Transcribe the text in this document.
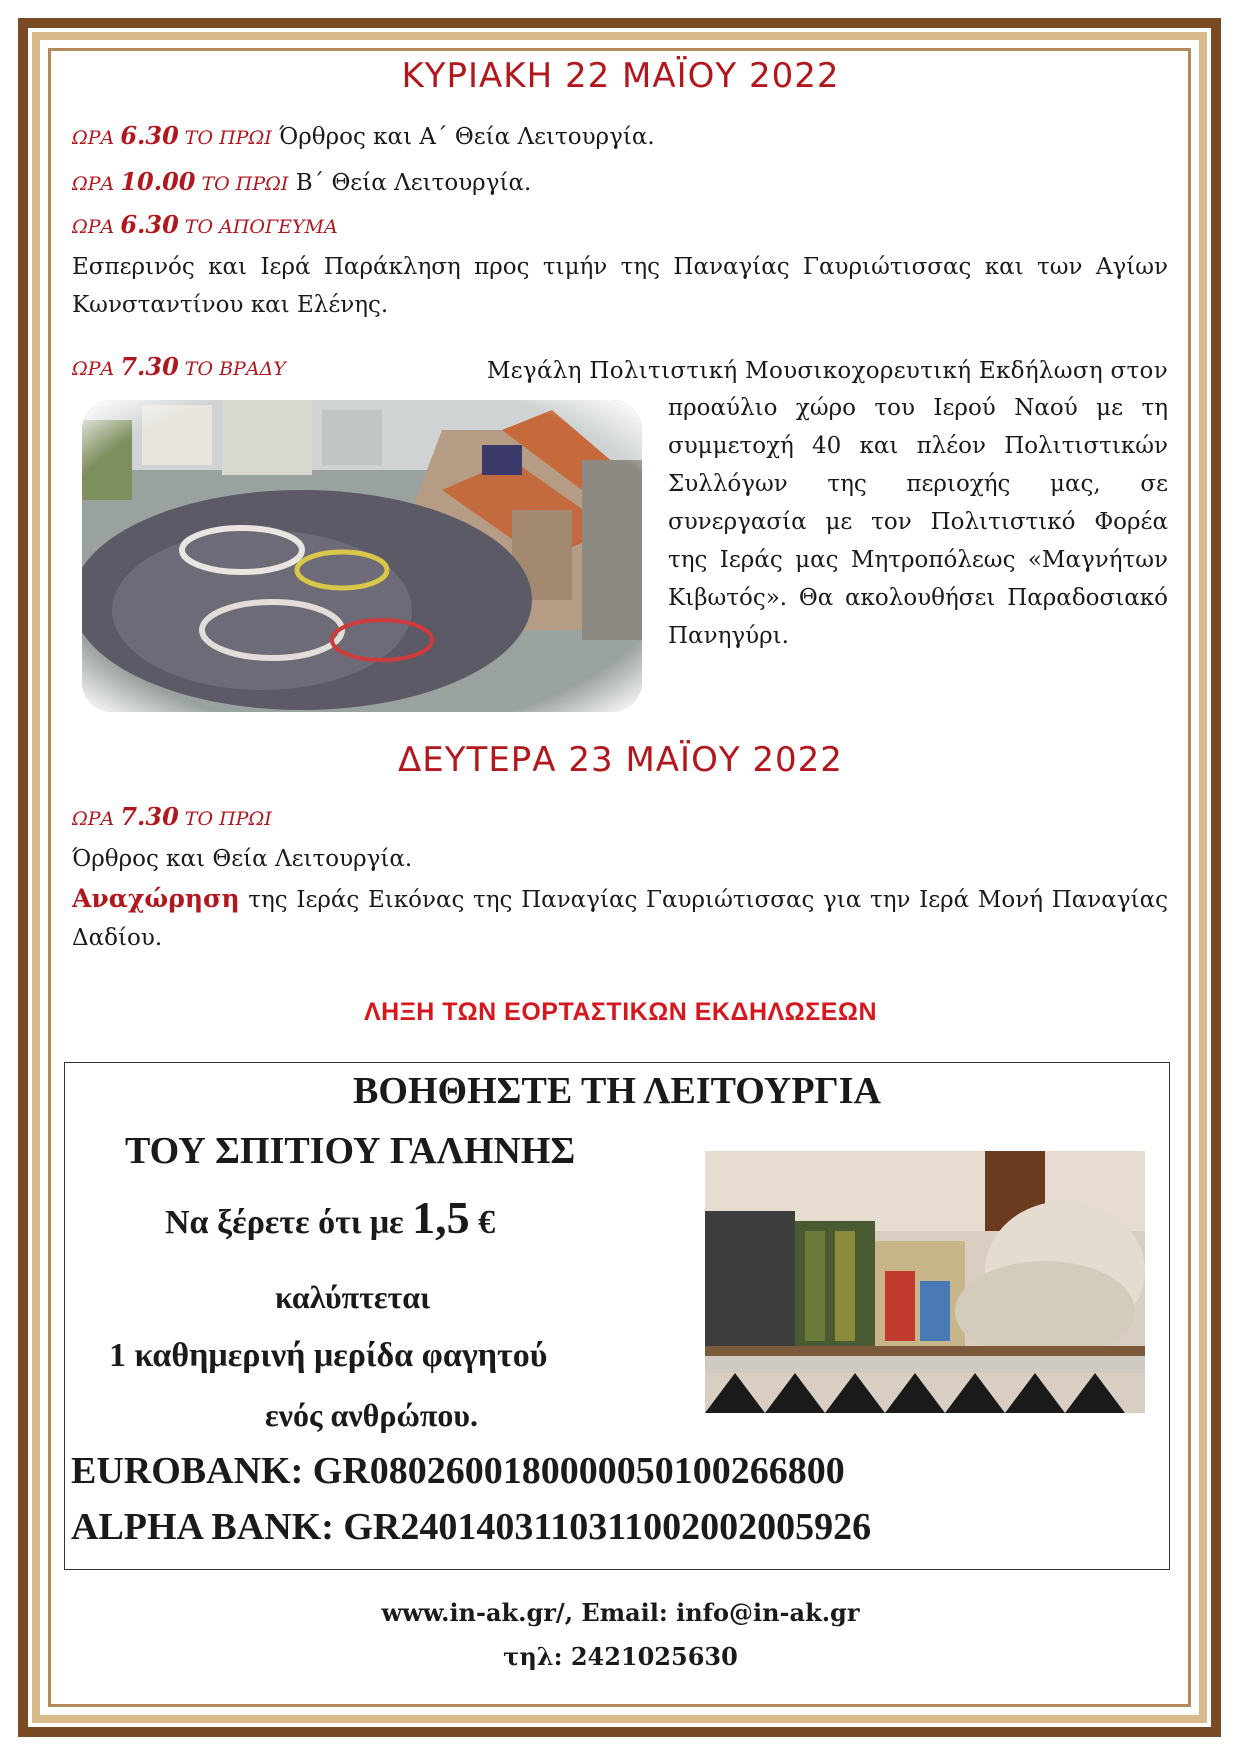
ΚΥΡΙΑΚΗ 22 ΜΑΪΟΥ 2022
ΩΡΑ 6.30 ΤΟ ΠΡΩΙ Όρθρος και Α΄ Θεία Λειτουργία.
ΩΡΑ 10.00 ΤΟ ΠΡΩΙ Β΄ Θεία Λειτουργία.
ΩΡΑ 6.30 ΤΟ ΑΠΟΓΕΥΜΑ

Εσπερινός και Ιερά Παράκληση προς τιμήν της Παναγίας Γαυριώτισσας και των Αγίων Κωνσταντίνου και Ελένης.

ΩΡΑ 7.30 ΤΟ ΒΡΑΔΥ	Μεγάλη Πολιτιστική Μουσικοχορευτική Εκδήλωση στον

προαύλιο χώρο του Ιερού Ναού με τη συμμετοχή 40 και πλέον Πολιτιστικών Συλλόγων της περιοχής μας, σε συνεργασία με τον Πολιτιστικό Φορέα της Ιεράς μας Μητροπόλεως «Μαγνήτων Κιβωτός». Θα ακολουθήσει Παραδοσιακό Πανηγύρι.

ΔΕΥΤΕΡΑ 23 ΜΑΪΟΥ 2022
ΩΡΑ 7.30 ΤΟ ΠΡΩΙ

Όρθρος και Θεία Λειτουργία.

Αναχώρηση της Ιεράς Εικόνας της Παναγίας Γαυριώτισσας για την Ιερά Μονή Παναγίας Δαδίου.

ΛΗΞΗ ΤΩΝ ΕΟΡΤΑΣΤΙΚΩΝ ΕΚΔΗΛΩΣΕΩΝ
ΒΟΗΘΗΣΤΕ ΤΗ ΛΕΙΤΟΥΡΓΙΑ
ΤΟΥ ΣΠΙΤΙΟΥ ΓΑΛΗΝΗΣ
Να ξέρετε ότι με 1,5 €
καλύπτεται
1 καθημερινή μερίδα φαγητού
ενός ανθρώπου.
EUROBANK: GR0802600180000050100266800
ALPHA BANK: GR2401403110311002002005926
www.in-ak.gr/, Email: info@in-ak.gr
τηλ: 2421025630
